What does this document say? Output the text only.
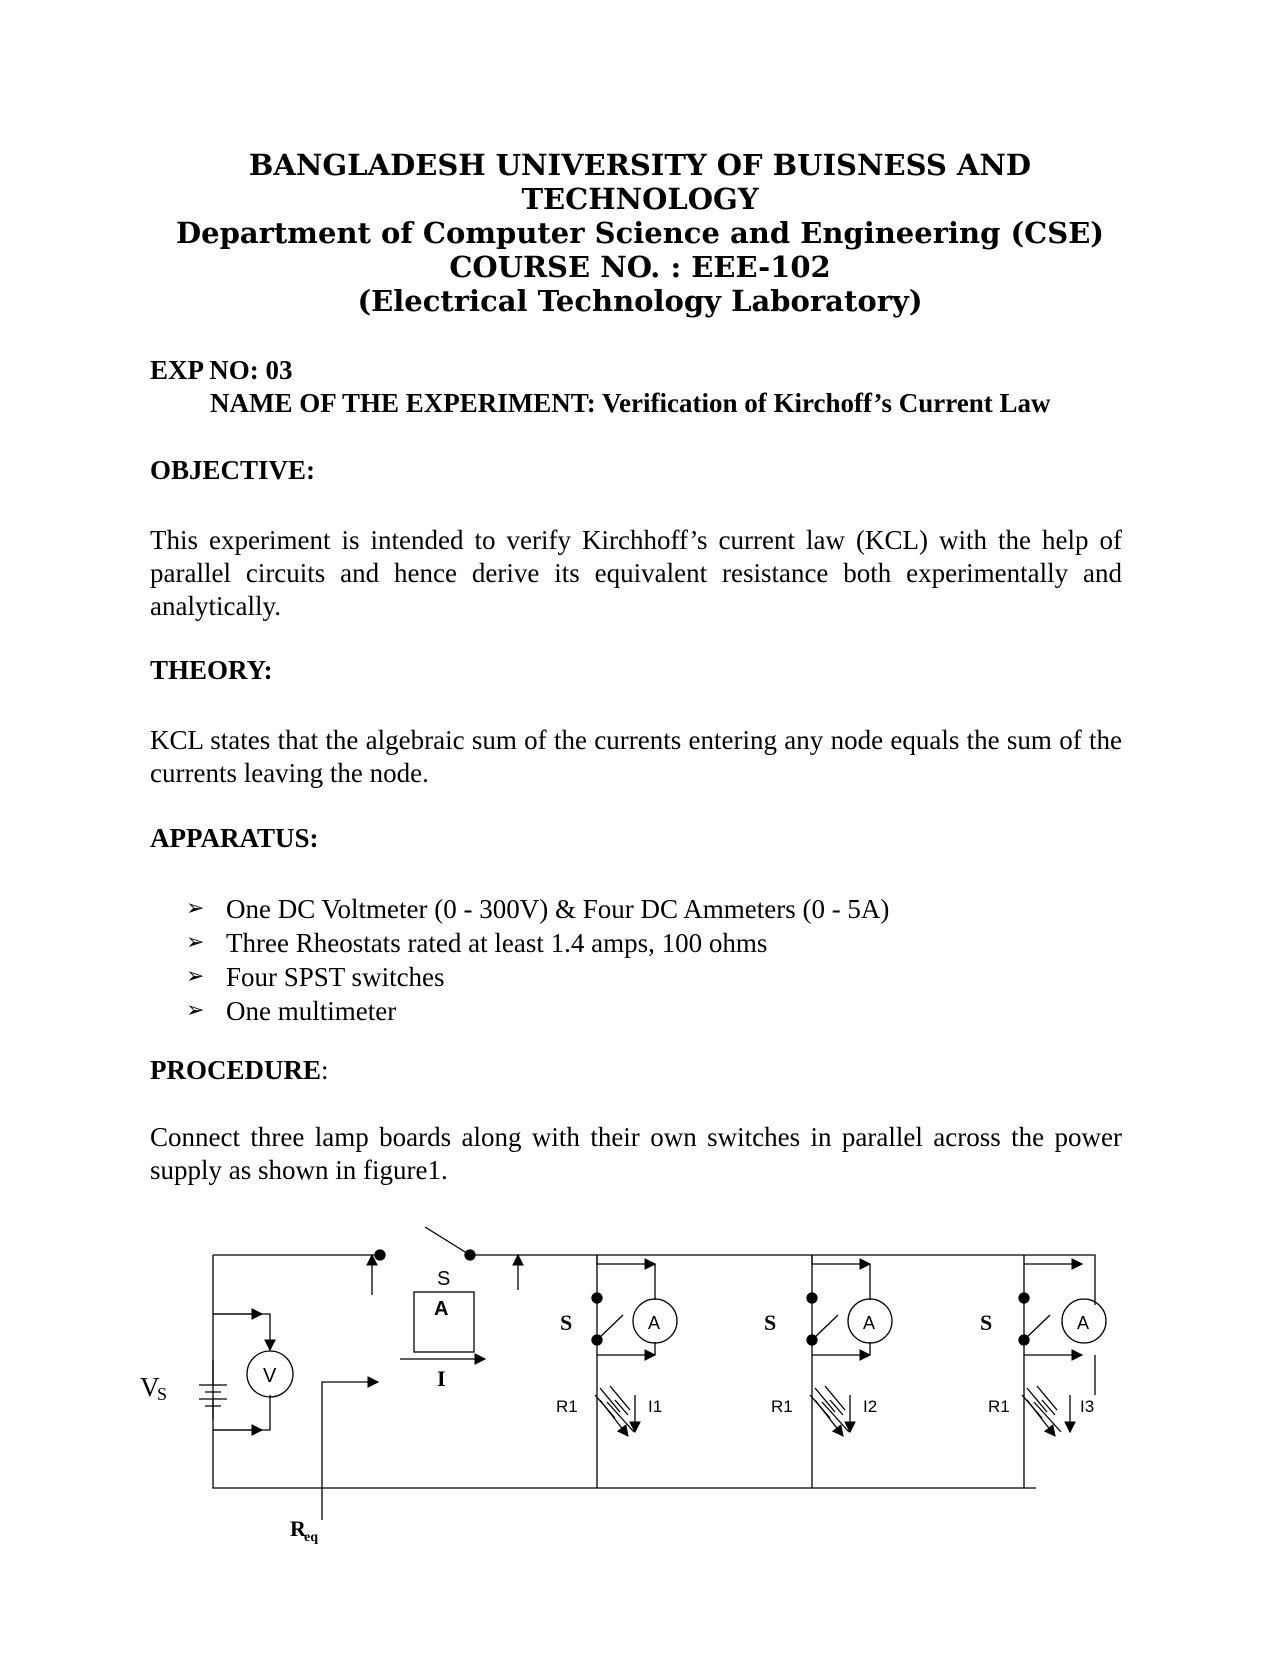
BANGLADESH UNIVERSITY OF BUISNESS AND
TECHNOLOGY
Department of Computer Science and Engineering (CSE)
COURSE NO. : EEE-102
(Electrical Technology Laboratory)
EXP NO: 03
NAME OF THE EXPERIMENT: Verification of Kirchoff’s Current Law
OBJECTIVE:
This experiment is intended to verify Kirchhoff’s current law (KCL) with the help of parallel circuits and hence derive its equivalent resistance both experimentally and analytically.
THEORY:
KCL states that the algebraic sum of the currents entering any node equals the sum of the currents leaving the node.
APPARATUS:
➢ One DC Voltmeter (0 - 300V) & Four DC Ammeters (0 - 5A)
➢ Three Rheostats rated at least 1.4 amps, 100 ohms
➢ Four SPST switches
➢ One multimeter
PROCEDURE:
Connect three lamp boards along with their own switches in parallel across the power supply as shown in figure1.
V
S
V
S
A
I
R
eq
S	A
R1	I1
S	A
R1	I2
S	A
R1	I3
